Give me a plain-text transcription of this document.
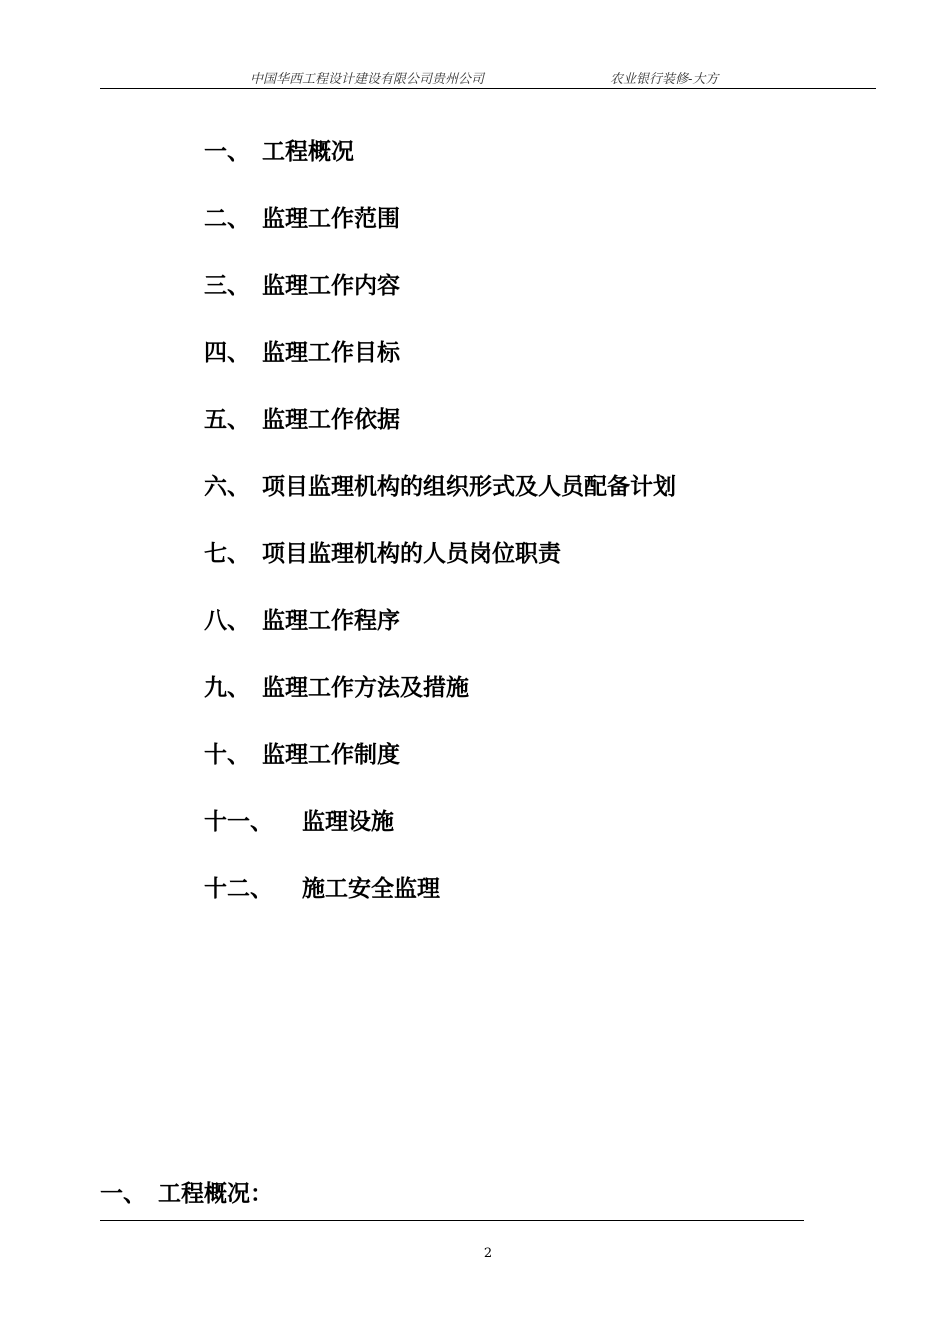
中国华西工程设计建设有限公司贵州公司	农业银行装修-大方
一、 工程概况
二、 监理工作范围
三、 监理工作内容
四、 监理工作目标
五、 监理工作依据
六、 项目监理机构的组织形式及人员配备计划
七、 项目监理机构的人员岗位职责
八、 监理工作程序
九、 监理工作方法及措施
十、 监理工作制度
十一、 监理设施
十二、 施工安全监理
一、 工程概况：
2
